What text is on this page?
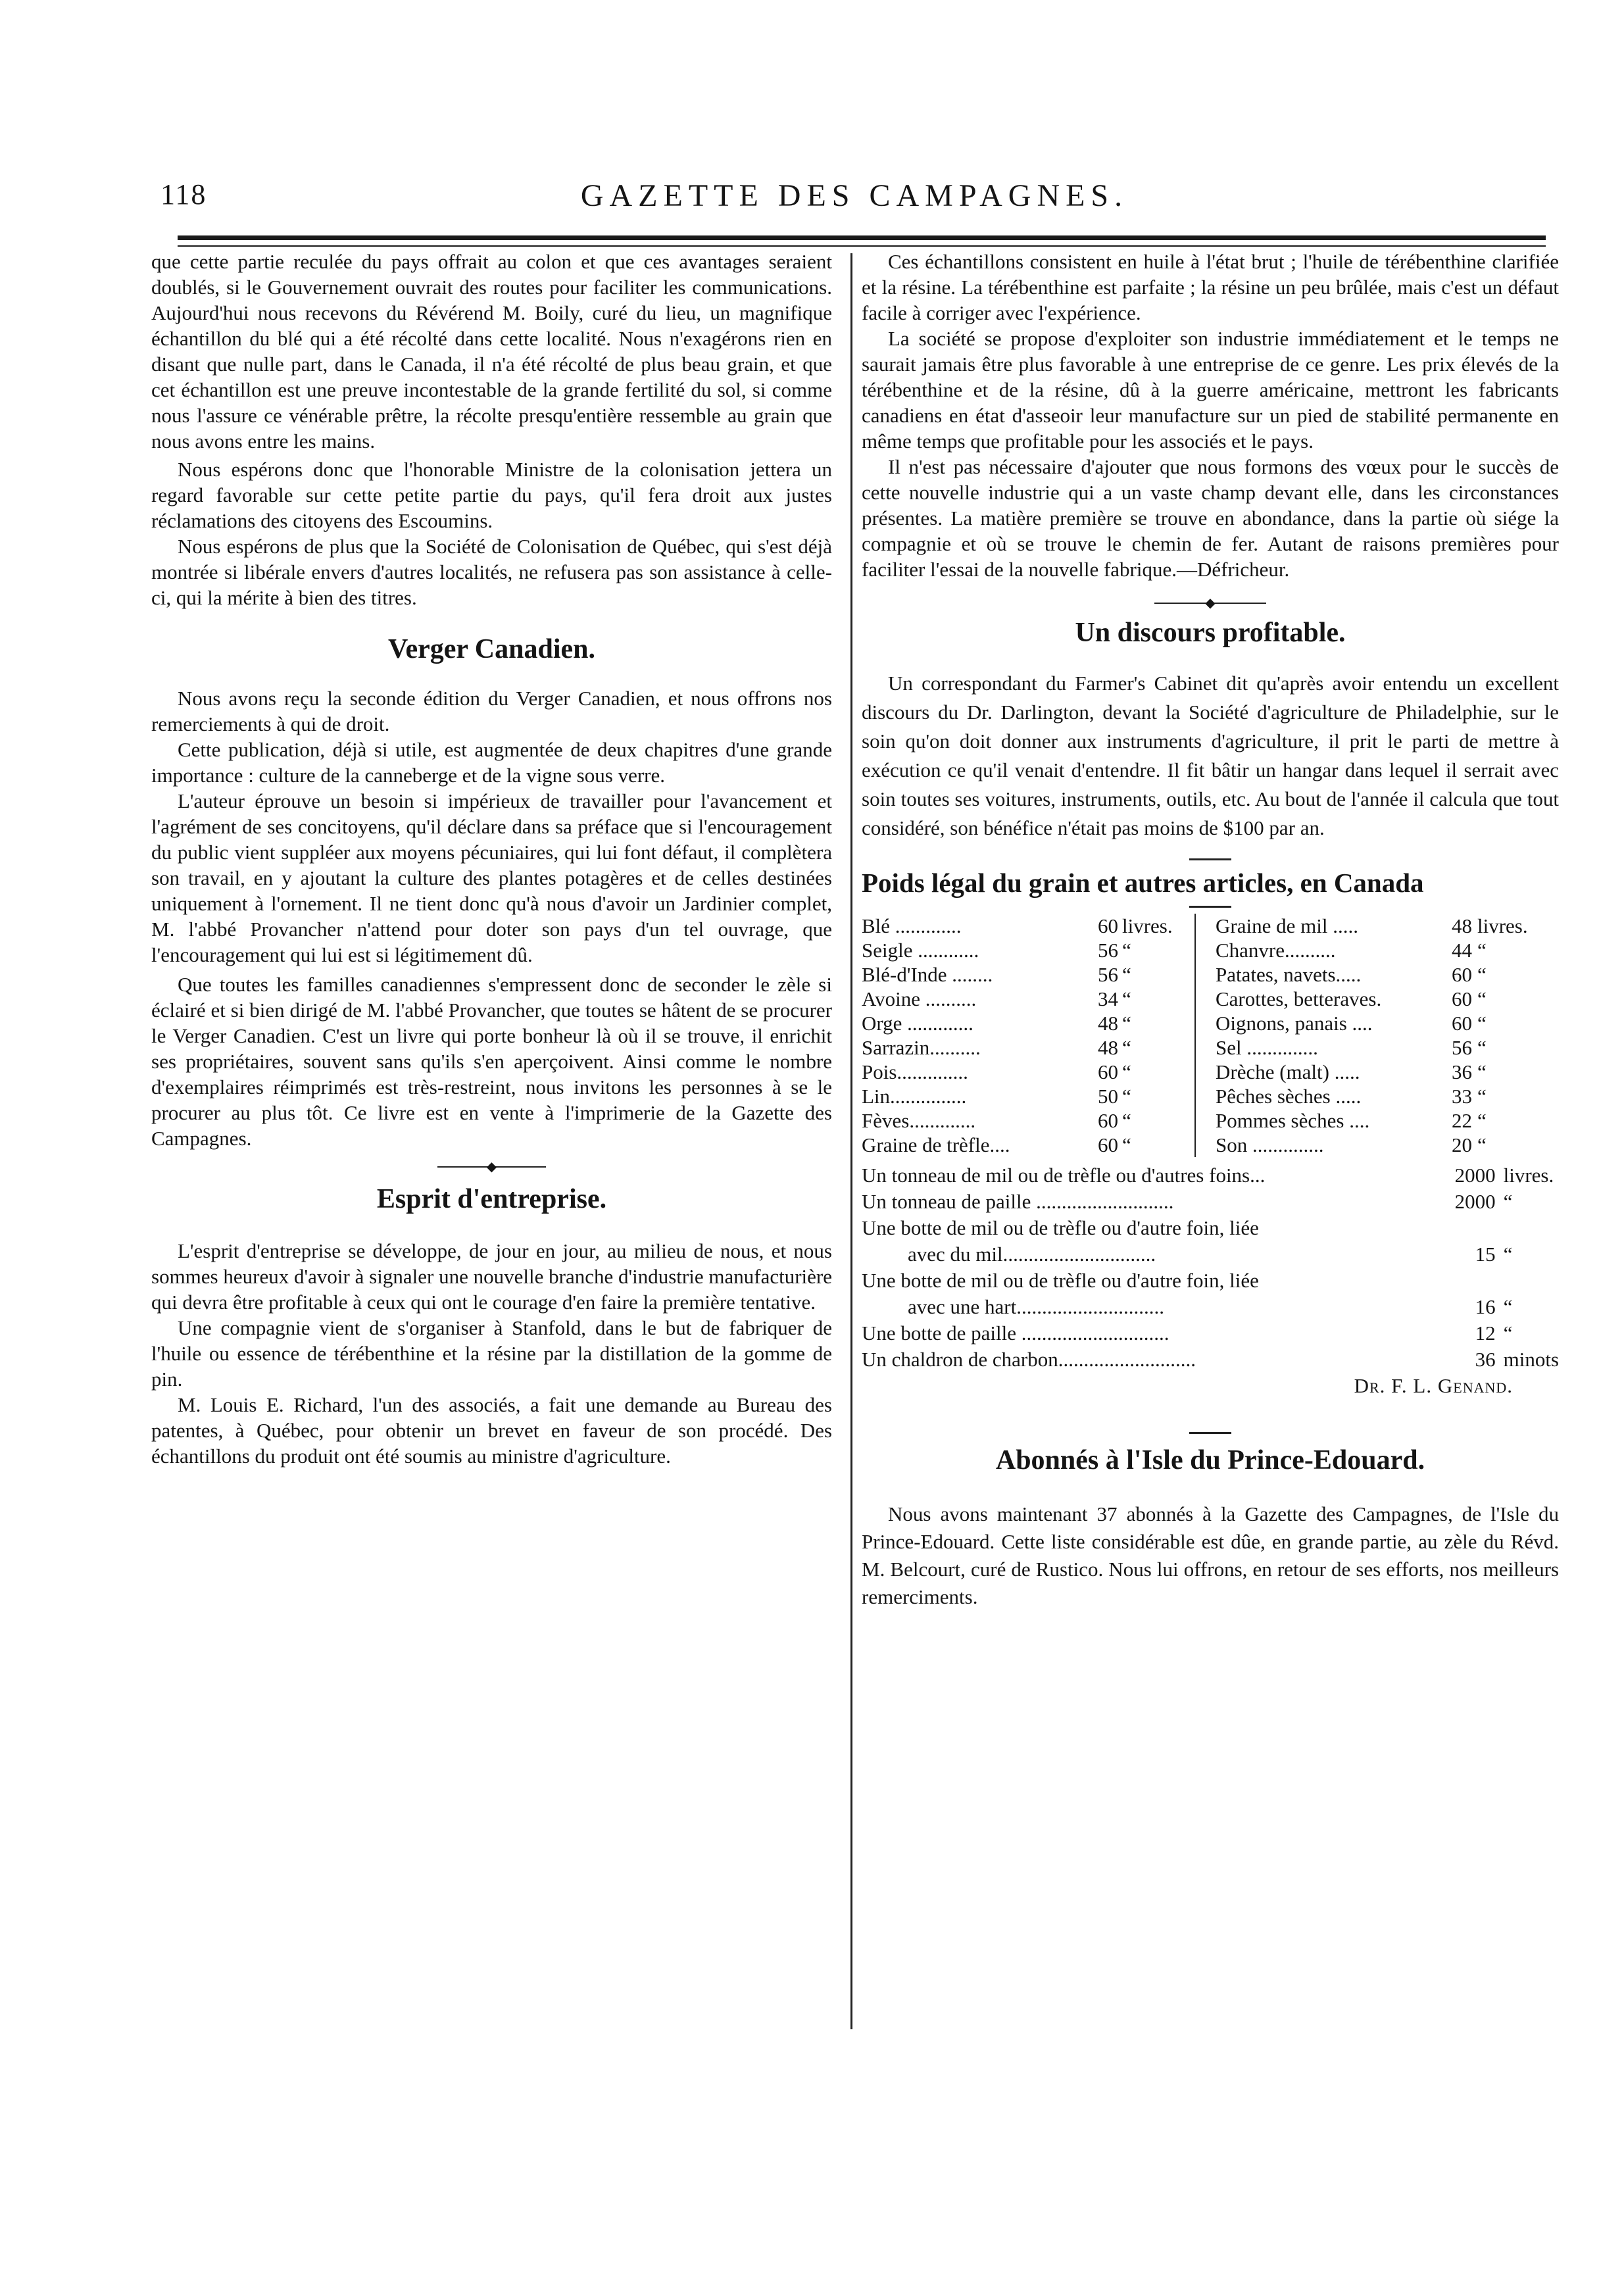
118	GAZETTE DES CAMPAGNES.

que cette partie reculée du pays offrait au colon et que ces avantages seraient doublés, si le Gouvernement ouvrait des routes pour faciliter les communications. Aujourd'hui nous recevons du Révérend M. Boily, curé du lieu, un magnifique échantillon du blé qui a été récolté dans cette localité. Nous n'exagérons rien en disant que nulle part, dans le Canada, il n'a été récolté de plus beau grain, et que cet échantillon est une preuve incontestable de la grande fertilité du sol, si comme nous l'assure ce vénérable prêtre, la récolte presqu'entière ressemble au grain que nous avons entre les mains.

Nous espérons donc que l'honorable Ministre de la colonisation jettera un regard favorable sur cette petite partie du pays, qu'il fera droit aux justes réclamations des citoyens des Escoumins.

Nous espérons de plus que la Société de Colonisation de Québec, qui s'est déjà montrée si libérale envers d'autres localités, ne refusera pas son assistance à celle-ci, qui la mérite à bien des titres.

Verger Canadien.

Nous avons reçu la seconde édition du Verger Canadien, et nous offrons nos remerciements à qui de droit.

Cette publication, déjà si utile, est augmentée de deux chapitres d'une grande importance : culture de la canneberge et de la vigne sous verre.

L'auteur éprouve un besoin si impérieux de travailler pour l'avancement et l'agrément de ses concitoyens, qu'il déclare dans sa préface que si l'encouragement du public vient suppléer aux moyens pécuniaires, qui lui font défaut, il complètera son travail, en y ajoutant la culture des plantes potagères et de celles destinées uniquement à l'ornement. Il ne tient donc qu'à nous d'avoir un Jardinier complet, M. l'abbé Provancher n'attend pour doter son pays d'un tel ouvrage, que l'encouragement qui lui est si légitimement dû.

Que toutes les familles canadiennes s'empressent donc de seconder le zèle si éclairé et si bien dirigé de M. l'abbé Provancher, que toutes se hâtent de se procurer le Verger Canadien. C'est un livre qui porte bonheur là où il se trouve, il enrichit ses propriétaires, souvent sans qu'ils s'en aperçoivent. Ainsi comme le nombre d'exemplaires réimprimés est très-restreint, nous invitons les personnes à se le procurer au plus tôt. Ce livre est en vente à l'imprimerie de la Gazette des Campagnes.

◆
Esprit d'entreprise.

L'esprit d'entreprise se développe, de jour en jour, au milieu de nous, et nous sommes heureux d'avoir à signaler une nouvelle branche d'industrie manufacturière qui devra être profitable à ceux qui ont le courage d'en faire la première tentative.

Une compagnie vient de s'organiser à Stanfold, dans le but de fabriquer de l'huile ou essence de térébenthine et la résine par la distillation de la gomme de pin.

M. Louis E. Richard, l'un des associés, a fait une demande au Bureau des patentes, à Québec, pour obtenir un brevet en faveur de son procédé. Des échantillons du produit ont été soumis au ministre d'agriculture.

Ces échantillons consistent en huile à l'état brut ; l'huile de térébenthine clarifiée et la résine. La térébenthine est parfaite ; la résine un peu brûlée, mais c'est un défaut facile à corriger avec l'expérience.

La société se propose d'exploiter son industrie immédiatement et le temps ne saurait jamais être plus favorable à une entreprise de ce genre. Les prix élevés de la térébenthine et de la résine, dû à la guerre américaine, mettront les fabricants canadiens en état d'asseoir leur manufacture sur un pied de stabilité permanente en même temps que profitable pour les associés et le pays.

Il n'est pas nécessaire d'ajouter que nous formons des vœux pour le succès de cette nouvelle industrie qui a un vaste champ devant elle, dans les circonstances présentes. La matière première se trouve en abondance, dans la partie où siége la compagnie et où se trouve le chemin de fer. Autant de raisons premières pour faciliter l'essai de la nouvelle fabrique.—Défricheur.

◆
Un discours profitable.

Un correspondant du Farmer's Cabinet dit qu'après avoir entendu un excellent discours du Dr. Darlington, devant la Société d'agriculture de Philadelphie, sur le soin qu'on doit donner aux instruments d'agriculture, il prit le parti de mettre à exécution ce qu'il venait d'entendre. Il fit bâtir un hangar dans lequel il serrait avec soin toutes ses voitures, instruments, outils, etc. Au bout de l'année il calcula que tout considéré, son bénéfice n'était pas moins de $100 par an.

Poids légal du grain et autres articles, en Canada
Blé .............	60	livres.		Graine de mil .....	48	livres.
Seigle ............	56	“		Chanvre..........	44	“
Blé-d'Inde ........	56	“		Patates, navets.....	60	“
Avoine ..........	34	“		Carottes, betteraves.	60	“
Orge .............	48	“		Oignons, panais ....	60	“
Sarrazin..........	48	“		Sel ..............	56	“
Pois..............	60	“		Drèche (malt) .....	36	“
Lin...............	50	“		Pêches sèches .....	33	“
Fèves.............	60	“		Pommes sèches ....	22	“
Graine de trèfle....	60	“		Son ..............	20	“
Un tonneau de mil ou de trèfle ou d'autres foins...	2000	livres.
Un tonneau de paille ...........................	2000	“
Une botte de mil ou de trèfle ou d'autre foin, liée		
avec du mil..............................	15	“
Une botte de mil ou de trèfle ou d'autre foin, liée		
avec une hart.............................	16	“
Une botte de paille .............................	12	“
Un chaldron de charbon...........................	36	minots
Dr. F. L. Genand.
Abonnés à l'Isle du Prince-Edouard.

Nous avons maintenant 37 abonnés à la Gazette des Campagnes, de l'Isle du Prince-Edouard. Cette liste considérable est dûe, en grande partie, au zèle du Révd. M. Belcourt, curé de Rustico. Nous lui offrons, en retour de ses efforts, nos meilleurs remerciments.
